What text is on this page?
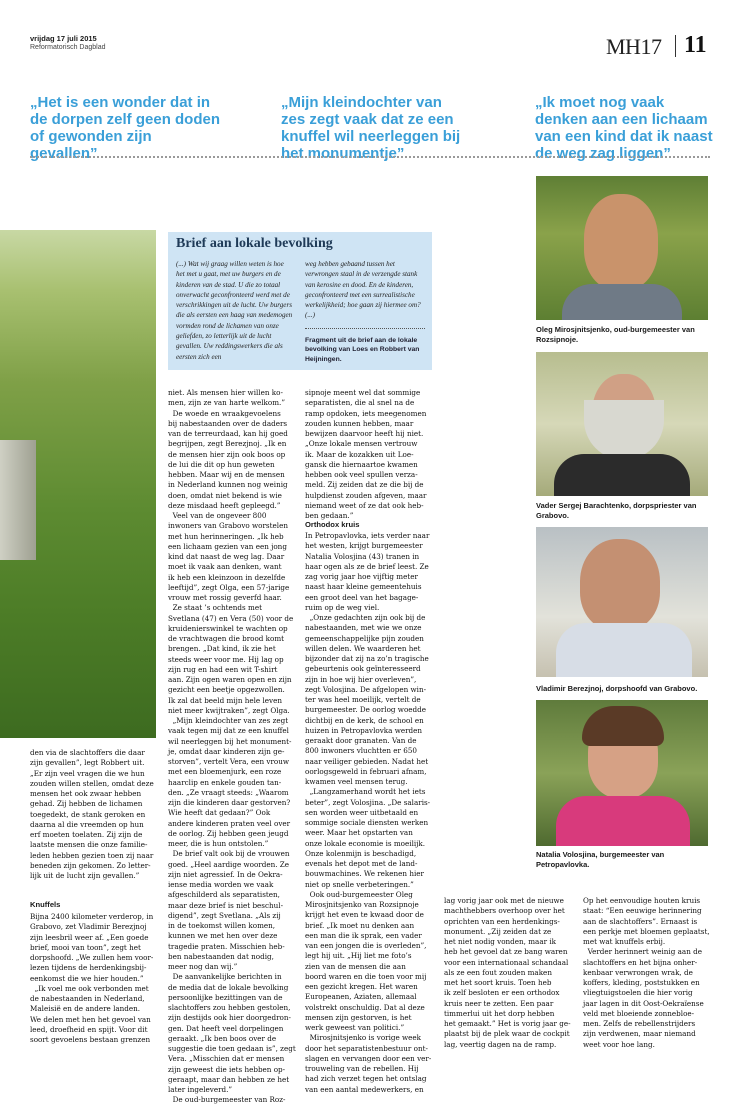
vrijdag 17 juli 2015
Reformatorisch Dagblad	MH17 11
„Het is een wonder dat in de dorpen zelf geen doden of gewonden zijn gevallen”
„Mijn kleindochter van zes zegt vaak dat ze een knuffel wil neerleggen bij het monumentje”
„Ik moet nog vaak denken aan een lichaam van een kind dat ik naast de weg zag liggen”
Brief aan lokale bevolking
(...) Wat wij graag willen weten is hoe het met u gaat, met uw burgers en de kinderen van de stad. U die zo totaal onverwacht geconfronteerd werd met de verschrikkingen uit de lucht. Uw burgers die als eersten een haag van medemogen vormden rond de lichamen van onze geliefden, zo letterlijk uit de lucht gevallen. Uw reddingswerkers die als eersten zich een
weg hebben gebaand tussen het verwrongen staal in de verzengde stank van kerosine en dood. En de kinderen, geconfronteerd met een surrealistische werkelijkheid; hoe gaan zij hiermee om? (...)
Fragment uit de brief aan de lokale bevolking van Loes en Robbert van Heijningen.
Oleg Mirosjnitsjenko, oud-burgemeester van Rozsipnoje.
Vader Sergej Barachtenko, dorpspriester van Grabovo.
Vladimir Berezjnoj, dorpshoofd van Grabovo.
Natalia Volosjina, burgemeester van Petropavlovka.
den via de slachtoffers die daar
zijn gevallen”, legt Robbert uit.
„Er zijn veel vragen die we hun
zouden willen stellen, omdat deze
mensen het ook zwaar hebben
gehad. Zij hebben de lichamen
toegedekt, de stank geroken en
daarna al die vreemden op hun
erf moeten toelaten. Zij zijn de
laatste mensen die onze familie-
leden hebben gezien toen zij naar
beneden zijn gekomen. Zo letter-
lijk uit de lucht zijn gevallen.”
Knuffels
Bijna 2400 kilometer verderop, in
Grabovo, zet Vladimir Berezjnoj
zijn leesbril weer af. „Een goede
brief, mooi van toon”, zegt het
dorpshoofd. „We zullen hem voor-
lezen tijdens de herdenkingsbij-
eenkomst die we hier houden.”
„Ik voel me ook verbonden met
de nabestaanden in Nederland,
Maleisië en de andere landen.
We delen met hen het gevoel van
leed, droefheid en spijt. Voor dit
soort gevoelens bestaan grenzen
niet. Als mensen hier willen ko-
men, zijn ze van harte welkom.”
De woede en wraakgevoelens
bij nabestaanden over de daders
van de terreurdaad, kan hij goed
begrijpen, zegt Berezjnoj. „Ik en
de mensen hier zijn ook boos op
de lui die dit op hun geweten
hebben. Maar wij en de mensen
in Nederland kunnen nog weinig
doen, omdat niet bekend is wie
deze misdaad heeft gepleegd.”
Veel van de ongeveer 800
inwoners van Grabovo worstelen
met hun herinneringen. „Ik heb
een lichaam gezien van een jong
kind dat naast de weg lag. Daar
moet ik vaak aan denken, want
ik heb een kleinzoon in dezelfde
leeftijd”, zegt Olga, een 57-jarige
vrouw met rossig geverfd haar.
Ze staat ’s ochtends met
Svetlana (47) en Vera (50) voor de
kruidenierswinkel te wachten op
de vrachtwagen die brood komt
brengen. „Dat kind, ik zie het
steeds weer voor me. Hij lag op
zijn rug en had een wit T-shirt
aan. Zijn ogen waren open en zijn
gezicht een beetje opgezwollen.
Ik zal dat beeld mijn hele leven
niet meer kwijtraken”, zegt Olga.
„Mijn kleindochter van zes zegt
vaak tegen mij dat ze een knuffel
wil neerleggen bij het monument-
je, omdat daar kinderen zijn ge-
storven”, vertelt Vera, een vrouw
met een bloemenjurk, een roze
haarclip en enkele gouden tan-
den. „Ze vraagt steeds: „Waarom
zijn die kinderen daar gestorven?
Wie heeft dat gedaan?” Ook
andere kinderen praten veel over
de oorlog. Zij hebben geen jeugd
meer, die is hun ontstolen.”
De brief valt ook bij de vrouwen
goed. „Heel aardige woorden. Ze
zijn niet agressief. In de Oekra-
iense media worden we vaak
afgeschilderd als separatisten,
maar deze brief is niet beschul-
digend”, zegt Svetlana. „Als zij
in de toekomst willen komen,
kunnen we met hen over deze
tragedie praten. Misschien heb-
ben nabestaanden dat nodig,
meer nog dan wij.”
De aanvankelijke berichten in
de media dat de lokale bevolking
persoonlijke bezittingen van de
slachtoffers zou hebben gestolen,
zijn destijds ook hier doorgedron-
gen. Dat heeft veel dorpelingen
geraakt. „Ik ben boos over de
suggestie die toen gedaan is”, zegt
Vera. „Misschien dat er mensen
zijn geweest die iets hebben op-
geraapt, maar dan hebben ze het
later ingeleverd.”
De oud-burgemeester van Roz-
sipnoje meent wel dat sommige
separatisten, die al snel na de
ramp opdoken, iets meegenomen
zouden kunnen hebben, maar
bewijzen daarvoor heeft hij niet.
„Onze lokale mensen vertrouw
ik. Maar de kozakken uit Loe-
gansk die hiernaartoe kwamen
hebben ook veel spullen verza-
meld. Zij zeiden dat ze die bij de
hulpdienst zouden afgeven, maar
niemand weet of ze dat ook heb-
ben gedaan.”
Orthodox kruis
In Petropavlovka, iets verder naar
het westen, krijgt burgemeester
Natalia Volosjina (43) tranen in
haar ogen als ze de brief leest. Ze
zag vorig jaar hoe vijftig meter
naast haar kleine gemeentehuis
een groot deel van het bagage-
ruim op de weg viel.
„Onze gedachten zijn ook bij de
nabestaanden, met wie we onze
gemeenschappelijke pijn zouden
willen delen. We waarderen het
bijzonder dat zij na zo’n tragische
gebeurtenis ook geïnteresseerd
zijn in hoe wij hier overleven”,
zegt Volosjina. De afgelopen win-
ter was heel moeilijk, vertelt de
burgemeester. De oorlog woedde
dichtbij en de kerk, de school en
huizen in Petropavlovka werden
geraakt door granaten. Van de
800 inwoners vluchtten er 650
naar veiliger gebieden. Nadat het
oorlogsgeweld in februari afnam,
kwamen veel mensen terug.
„Langzamerhand wordt het iets
beter”, zegt Volosjina. „De salaris-
sen worden weer uitbetaald en
sommige sociale diensten werken
weer. Maar het opstarten van
onze lokale economie is moeilijk.
Onze kolenmijn is beschadigd,
evenals het depot met de land-
bouwmachines. We rekenen hier
niet op snelle verbeteringen.”
Ook oud-burgemeester Oleg
Mirosjnitsjenko van Rozsipnoje
krijgt het even te kwaad door de
brief. „Ik moet nu denken aan
een man die ik sprak, een vader
van een jongen die is overleden”,
legt hij uit. „Hij liet me foto’s
zien van de mensen die aan
boord waren en die toen voor mij
een gezicht kregen. Het waren
Europeanen, Aziaten, allemaal
volstrekt onschuldig. Dat al deze
mensen zijn gestorven, is het
werk geweest van politici.”
Mirosjnitsjenko is vorige week
door het separatistenbestuur ont-
slagen en vervangen door een ver-
trouweling van de rebellen. Hij
had zich verzet tegen het ontslag
van een aantal medewerkers, en
lag vorig jaar ook met de nieuwe
machthebbers overhoop over het
oprichten van een herdenkings-
monument. „Zij zeiden dat ze
het niet nodig vonden, maar ik
heb het gevoel dat ze bang waren
voor een internationaal schandaal
als ze een fout zouden maken
met het soort kruis. Toen heb
ik zelf besloten er een orthodox
kruis neer te zetten. Een paar
timmerlui uit het dorp hebben
het gemaakt.” Het is vorig jaar ge-
plaatst bij de plek waar de cockpit
lag, veertig dagen na de ramp.
Op het eenvoudige houten kruis
staat: “Een eeuwige herinnering
aan de slachtoffers”. Ernaast is
een perkje met bloemen geplaatst,
met wat knuffels erbij.
Verder herinnert weinig aan de
slachtoffers en het bijna onher-
kenbaar verwrongen wrak, de
koffers, kleding, poststukken en
vliegtuigstoelen die hier vorig
jaar lagen in dit Oost-Oekraïense
veld met bloeiende zonnebloe-
men. Zelfs de rebellenstrijders
zijn verdwenen, maar niemand
weet voor hoe lang.
